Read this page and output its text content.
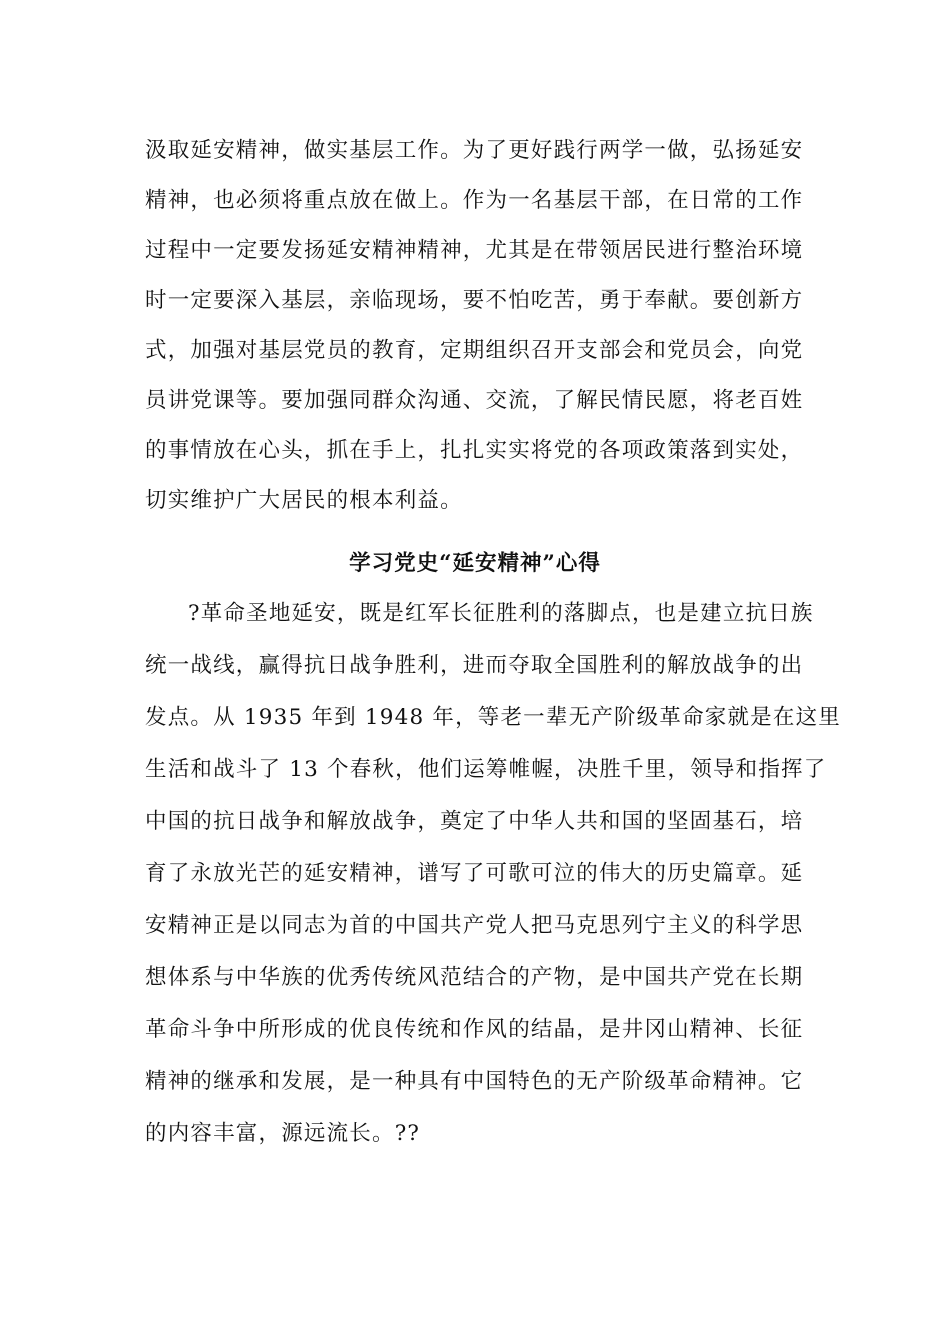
汲取延安精神，做实基层工作。为了更好践行两学一做，弘扬延安
精神，也必须将重点放在做上。作为一名基层干部，在日常的工作
过程中一定要发扬延安精神精神，尤其是在带领居民进行整治环境
时一定要深入基层，亲临现场，要不怕吃苦，勇于奉献。要创新方
式，加强对基层党员的教育，定期组织召开支部会和党员会，向党
员讲党课等。要加强同群众沟通、交流，了解民情民愿，将老百姓
的事情放在心头，抓在手上，扎扎实实将党的各项政策落到实处，
切实维护广大居民的根本利益。
学习党史“延安精神”心得
?革命圣地延安，既是红军长征胜利的落脚点，也是建立抗日族
统一战线，赢得抗日战争胜利，进而夺取全国胜利的解放战争的出
发点。从 1935 年到 1948 年，等老一辈无产阶级革命家就是在这里
生活和战斗了 13 个春秋，他们运筹帷幄，决胜千里，领导和指挥了
中国的抗日战争和解放战争，奠定了中华人共和国的坚固基石，培
育了永放光芒的延安精神，谱写了可歌可泣的伟大的历史篇章。延
安精神正是以同志为首的中国共产党人把马克思列宁主义的科学思
想体系与中华族的优秀传统风范结合的产物，是中国共产党在长期
革命斗争中所形成的优良传统和作风的结晶，是井冈山精神、长征
精神的继承和发展，是一种具有中国特色的无产阶级革命精神。它
的内容丰富，源远流长。??
